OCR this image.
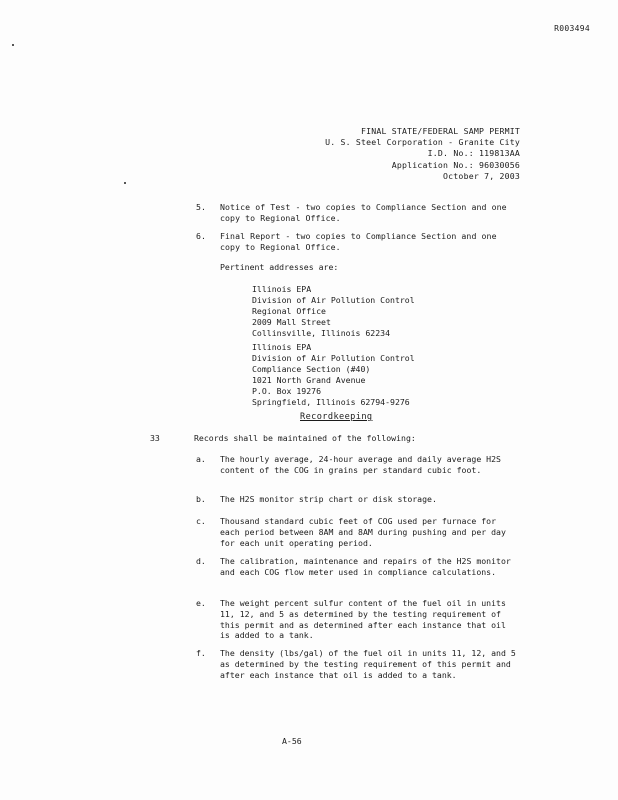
R003494
FINAL STATE/FEDERAL SAMP PERMIT
U. S. Steel Corporation - Granite City
I.D. No.: 119813AA
Application No.: 96030056
October 7, 2003
5. Notice of Test - two copies to Compliance Section and one copy to Regional Office.
6. Final Report - two copies to Compliance Section and one copy to Regional Office.
Pertinent addresses are:
Illinois EPA
Division of Air Pollution Control
Regional Office
2009 Mall Street
Collinsville, Illinois 62234
Illinois EPA
Division of Air Pollution Control
Compliance Section (#40)
1021 North Grand Avenue
P.O. Box 19276
Springfield, Illinois 62794-9276
Recordkeeping
33	Records shall be maintained of the following:
a. The hourly average, 24-hour average and daily average H2S content of the COG in grains per standard cubic foot.
b. The H2S monitor strip chart or disk storage.
c. Thousand standard cubic feet of COG used per furnace for each period between 8AM and 8AM during pushing and per day for each unit operating period.
d. The calibration, maintenance and repairs of the H2S monitor and each COG flow meter used in compliance calculations.
e. The weight percent sulfur content of the fuel oil in units 11, 12, and 5 as determined by the testing requirement of this permit and as determined after each instance that oil is added to a tank.
f. The density (lbs/gal) of the fuel oil in units 11, 12, and 5 as determined by the testing requirement of this permit and after each instance that oil is added to a tank.
A-56
